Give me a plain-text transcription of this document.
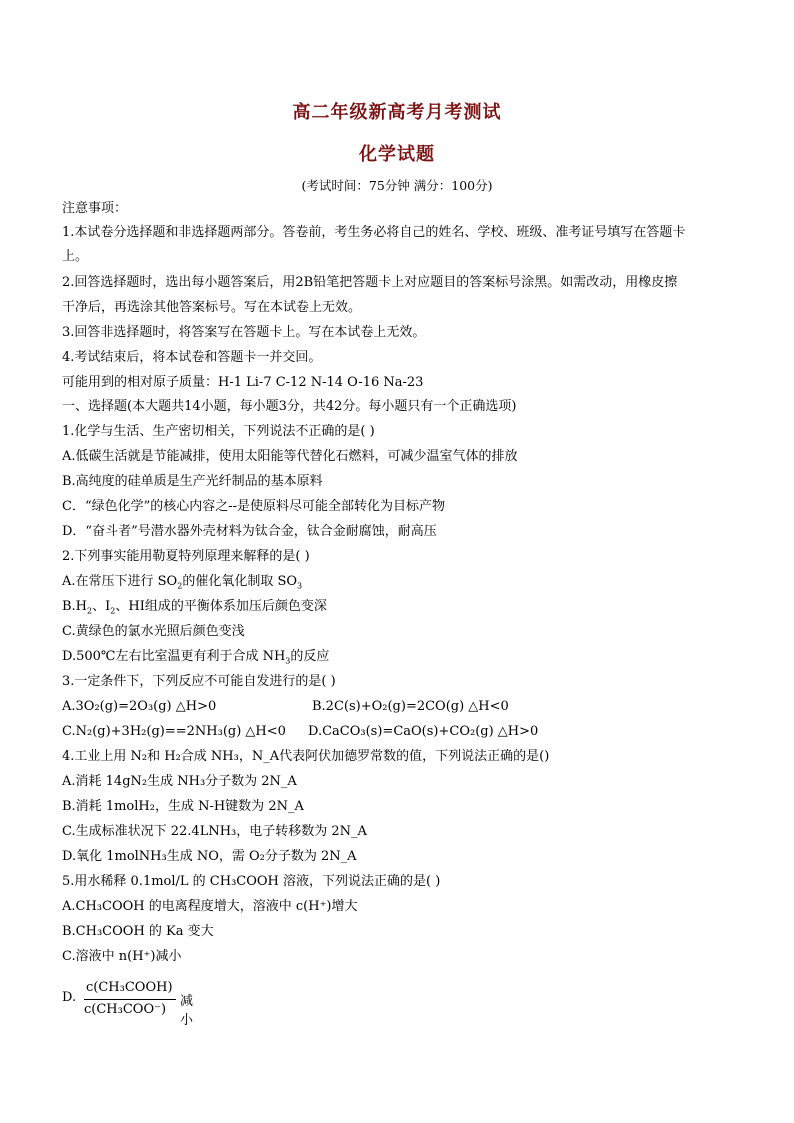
高二年级新高考月考测试
化学试题
(考试时间：75分钟 满分：100分)
注意事项：
1.本试卷分选择题和非选择题两部分。答卷前，考生务必将自己的姓名、学校、班级、准考证号填写在答题卡
上。
2.回答选择题时，选出每小题答案后，用2B铅笔把答题卡上对应题目的答案标号涂黑。如需改动，用橡皮擦
干净后，再选涂其他答案标号。写在本试卷上无效。
3.回答非选择题时，将答案写在答题卡上。写在本试卷上无效。
4.考试结束后，将本试卷和答题卡一并交回。
可能用到的相对原子质量：H-1 Li-7 C-12 N-14 O-16 Na-23
一、选择题(本大题共14小题，每小题3分，共42分。每小题只有一个正确选项)
1.化学与生活、生产密切相关，下列说法不正确的是( )
A.低碳生活就是节能减排，使用太阳能等代替化石燃料，可减少温室气体的排放
B.高纯度的硅单质是生产光纤制品的基本原料
C．“绿色化学”的核心内容之--是使原料尽可能全部转化为目标产物
D．“奋斗者”号潜水器外壳材料为钛合金，钛合金耐腐蚀，耐高压
2.下列事实能用勒夏特列原理来解释的是( )
A.在常压下进行 $SO_2$的催化氧化制取 $SO_3$
$B.H_2$、$I_2$、HI组成的平衡体系加压后颜色变深
C.黄绿色的氯水光照后颜色变浅
D.500℃左右比室温更有利于合成 $NH_3$的反应
3.一定条件下，下列反应不可能自发进行的是( )
A.3O₂(g)=2O₃(g) △H>0	B.2C(s)+O₂(g)=2CO(g) △H<0
C.N₂(g)+3H₂(g)==2NH₃(g) △H<0 D.CaCO₃(s)=CaO(s)+CO₂(g) △H>0
4.工业上用 N₂和 H₂合成 NH₃，N_A代表阿伏加德罗常数的值，下列说法正确的是()
A.消耗 14gN₂生成 NH₃分子数为 2N_A
B.消耗 1molH₂，生成 N-H键数为 2N_A
C.生成标准状况下 22.4LNH₃，电子转移数为 2N_A
D.氧化 1molNH₃生成 NO，需 O₂分子数为 2N_A
5.用水稀释 0.1mol/L 的 CH₃COOH 溶液，下列说法正确的是( )
A.CH₃COOH 的电离程度增大，溶液中 c(H⁺)增大
B.CH₃COOH 的 Ka 变大
C.溶液中 n(H⁺)减小
D.
c(CH₃COOH)
c(CH₃COO⁻)
减小
